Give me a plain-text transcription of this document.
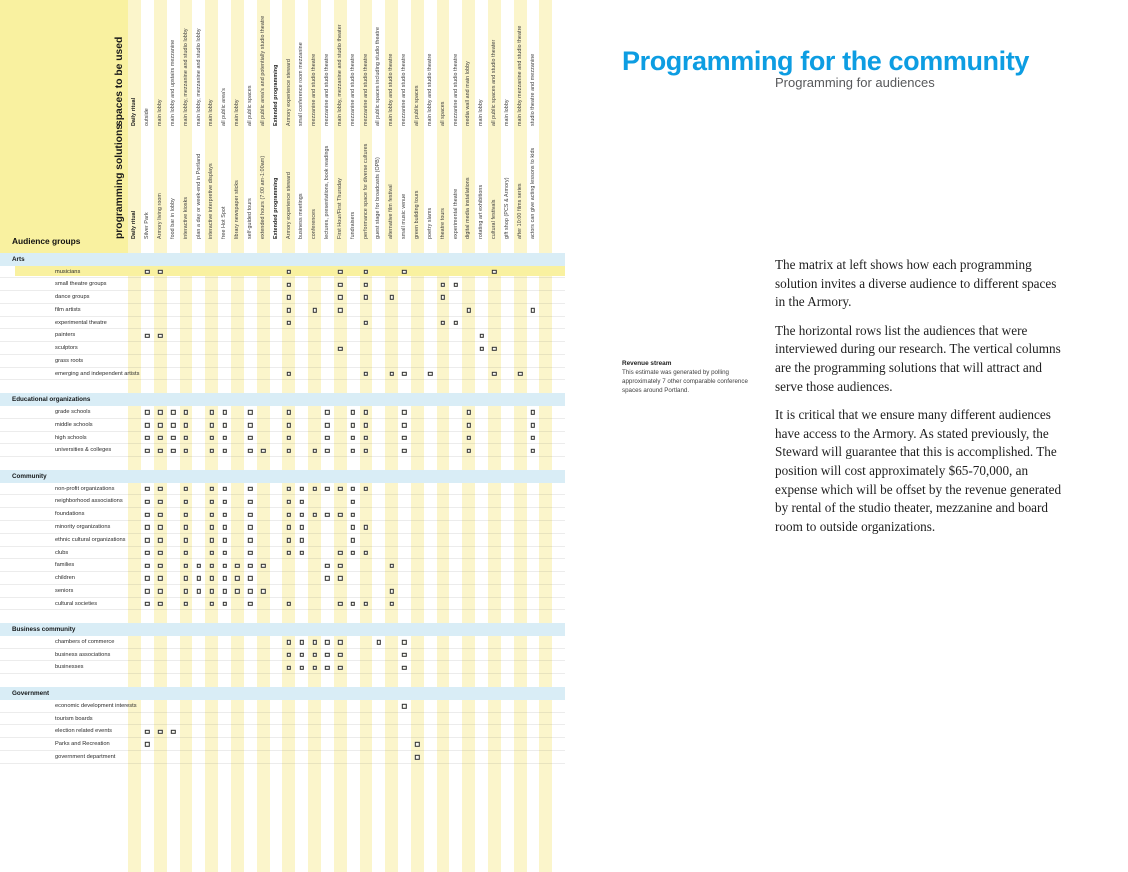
Audience groups
spaces to be used
programming solutions
Programming for the community
Programming for audiences
Revenue stream
This estimate was generated by polling approximately 7 other comparable conference spaces around Portland.

The matrix at left shows how each programming solution invites a diverse audience to different spaces in the Armory.

The horizontal rows list the audiences that were interviewed during our research. The vertical columns are the programming solutions that will attract and serve those audiences.

It is critical that we ensure many different audiences have access to the Armory. As stated previously, the Steward will guarantee that this is accomplished. The position will cost approximately $65-70,000, an expense which will be offset by the revenue generated by rental of the studio theater, mezzanine and board room to outside organizations.

Daily ritual
Daily ritual
outside
Silver Park
main lobby
Armory living room
main lobby and upstairs mezzanine
food bar in lobby
main lobby, mezzanine and studio lobby
interactive kiosks
main lobby, mezzanine and studio lobby
plan a day or week-end in Portland
main lobby
interactive interpretive displays
all public area's
free Hot Spot
main lobby
library newspaper sticks
all public spaces
self-guided tours
all public area's and potentially studio theatre
extended hours (7:00 am-1:00am)
Extended programming
Extended programming
Armory experience steward
Armory experience steward
small conference room mezzanine
business meetings
mezzanine and studio theatre
conferences
mezzanine and studio theatre
lectures, presentations, book readings
main lobby, mezzanine and studio theater
First Hour/First Thursday
mezzanine and studio theatre
fundraisers
mezzanine and studio theatre
performance space for diverse cultures
all public spaces including studio theatre
guest stage for broadcasts (OPB)
main lobby and studio theatre
alternative film festival
mezzanine and studio theatre
small music venue
all public spaces
green building tours
main lobby and studio theatre
poetry slams
all spaces
theatre tours
mezzanine and studio theatre
experimental theatre
media wall and main lobby
digital media installations
main lobby
rotating art exhibitions
all public spaces and studio theater
cultural festivals
main lobby
gift shop (PCS & Armory)
main lobby mezzanine and studio theatre
after 10:00 films series
studio theatre and mezzanine
actors can give acting lessons to kids
Arts
musicians
small theatre groups
dance groups
film artists
experimental theatre
painters
sculptors
grass roots
emerging and independent artists
Educational organizations
grade schools
middle schools
high schools
universities & colleges
Community
non-profit organizations
neighborhood associations
foundations
minority organizations
ethnic cultural organizations
clubs
families
children
seniors
cultural societies
Business community
chambers of commerce
business associations
businesses
Government
economic development interests
tourism boards
election related events
Parks and Recreation
government department
